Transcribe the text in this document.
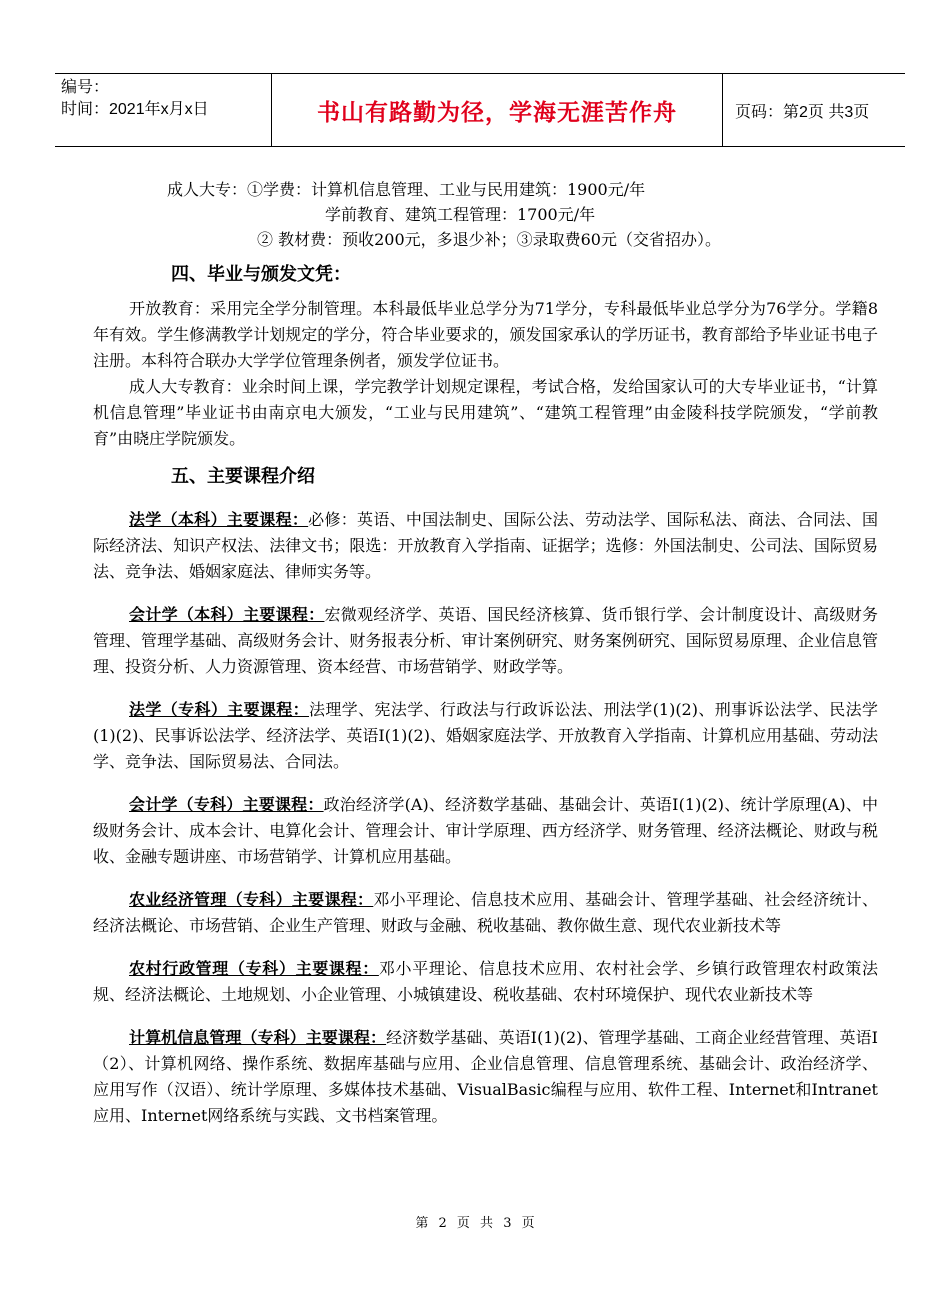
编号：
时间：2021年x月x日	书山有路勤为径，学海无涯苦作舟	页码：第2页 共3页
成人大专：①学费：计算机信息管理、工业与民用建筑：1900元/年
学前教育、建筑工程管理：1700元/年
② 教材费：预收200元，多退少补；③录取费60元（交省招办）。
四、毕业与颁发文凭：

开放教育：采用完全学分制管理。本科最低毕业总学分为71学分，专科最低毕业总学分为76学分。学籍8年有效。学生修满教学计划规定的学分，符合毕业要求的，颁发国家承认的学历证书，教育部给予毕业证书电子注册。本科符合联办大学学位管理条例者，颁发学位证书。

成人大专教育：业余时间上课，学完教学计划规定课程，考试合格，发给国家认可的大专毕业证书，“计算机信息管理”毕业证书由南京电大颁发，“工业与民用建筑”、“建筑工程管理”由金陵科技学院颁发，“学前教育”由晓庄学院颁发。

五、主要课程介绍

法学（本科）主要课程：必修：英语、中国法制史、国际公法、劳动法学、国际私法、商法、合同法、国际经济法、知识产权法、法律文书；限选：开放教育入学指南、证据学；选修：外国法制史、公司法、国际贸易法、竞争法、婚姻家庭法、律师实务等。

会计学（本科）主要课程：宏微观经济学、英语、国民经济核算、货币银行学、会计制度设计、高级财务管理、管理学基础、高级财务会计、财务报表分析、审计案例研究、财务案例研究、国际贸易原理、企业信息管理、投资分析、人力资源管理、资本经营、市场营销学、财政学等。

法学（专科）主要课程：法理学、宪法学、行政法与行政诉讼法、刑法学(1)(2)、刑事诉讼法学、民法学(1)(2)、民事诉讼法学、经济法学、英语Ⅰ(1)(2)、婚姻家庭法学、开放教育入学指南、计算机应用基础、劳动法学、竞争法、国际贸易法、合同法。

会计学（专科）主要课程：政治经济学(A)、经济数学基础、基础会计、英语Ⅰ(1)(2)、统计学原理(A)、中级财务会计、成本会计、电算化会计、管理会计、审计学原理、西方经济学、财务管理、经济法概论、财政与税收、金融专题讲座、市场营销学、计算机应用基础。

农业经济管理（专科）主要课程：邓小平理论、信息技术应用、基础会计、管理学基础、社会经济统计、经济法概论、市场营销、企业生产管理、财政与金融、税收基础、教你做生意、现代农业新技术等

农村行政管理（专科）主要课程：邓小平理论、信息技术应用、农村社会学、乡镇行政管理农村政策法规、经济法概论、土地规划、小企业管理、小城镇建设、税收基础、农村环境保护、现代农业新技术等

计算机信息管理（专科）主要课程：经济数学基础、英语Ⅰ(1)(2)、管理学基础、工商企业经营管理、英语Ⅰ（2）、计算机网络、操作系统、数据库基础与应用、企业信息管理、信息管理系统、基础会计、政治经济学、应用写作（汉语）、统计学原理、多媒体技术基础、VisualBasic编程与应用、软件工程、Internet和Intranet应用、Internet网络系统与实践、文书档案管理。

第 2 页 共 3 页
